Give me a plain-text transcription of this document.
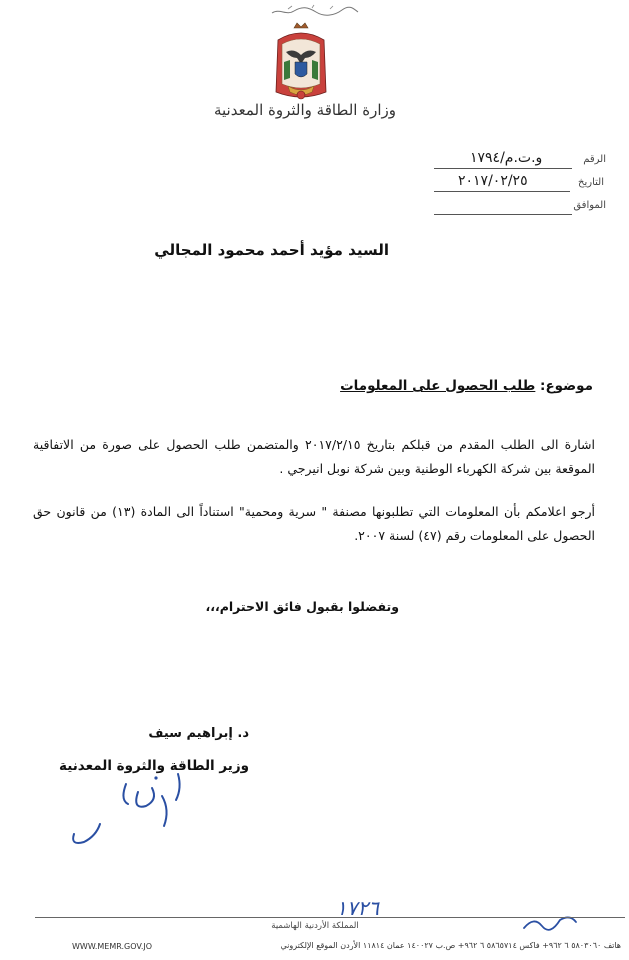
وزارة الطاقة والثروة المعدنية
الرقم
و.ت.م/١٧٩٤
التاريخ
٢٠١٧/٠٢/٢٥
الموافق
السيد مؤيد أحمد محمود المجالي
موضوع: طلب الحصول على المعلومات
اشارة الى الطلب المقدم من قبلكم بتاريخ ٢٠١٧/٢/١٥ والمتضمن طلب الحصول على صورة من الاتفاقية الموقعة بين شركة الكهرباء الوطنية وبين شركة نوبل انيرجي .
أرجو اعلامكم بأن المعلومات التي تطلبونها مصنفة " سرية ومحمية" استناداً الى المادة (١٣) من قانون حق الحصول على المعلومات رقم (٤٧) لسنة ٢٠٠٧.
وتفضلوا بقبول فائق الاحترام،،،
د. إبراهيم سيف
وزير الطاقة والثروة المعدنية
١٧٢٦
المملكة الأردنية الهاشمية
هاتف ٥٨٠٣٠٦٠ ٦ ٩٦٢+ فاكس ٥٨٦٥٧١٤ ٦ ٩٦٢+ ص.ب ١٤٠٠٢٧ عمان ١١٨١٤ الأردن الموقع الإلكتروني
WWW.MEMR.GOV.JO
